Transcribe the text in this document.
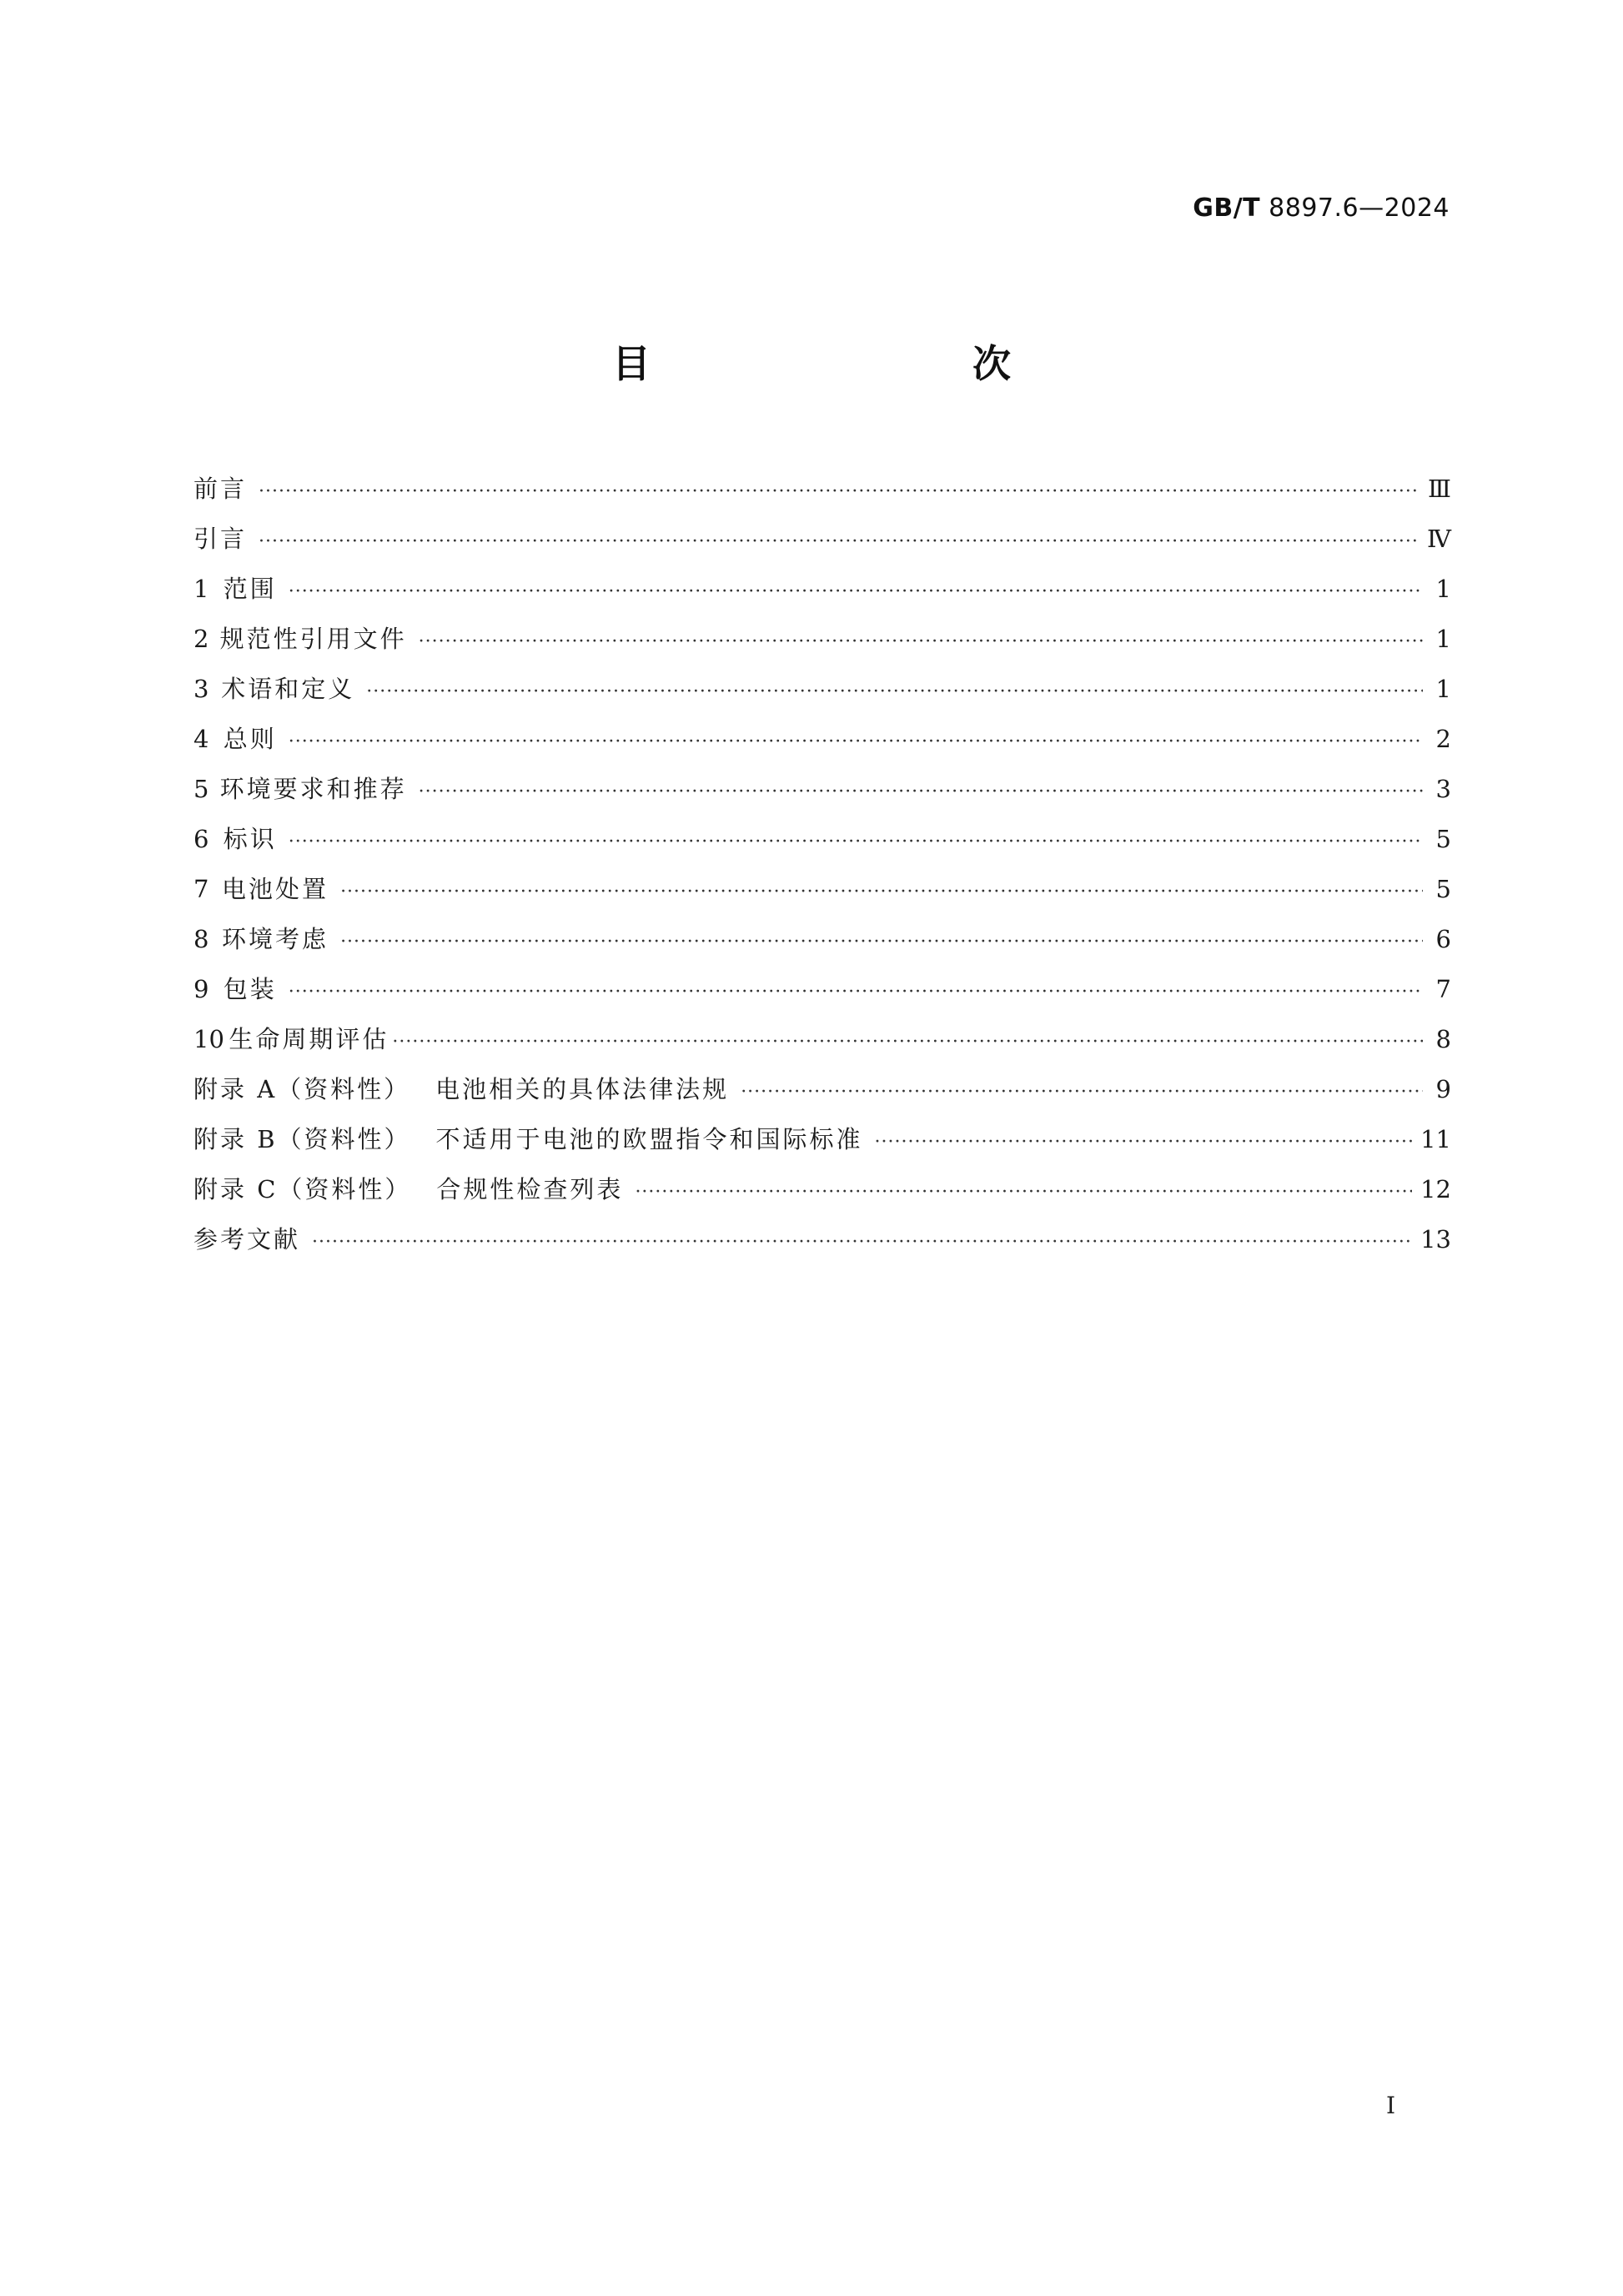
GB/T 8897.6—2024
目　　次
前言 ·····	Ⅲ
引言 ·····	Ⅳ
1 范围 ·····	1
2 规范性引用文件 ·····	1
3 术语和定义 ·····	1
4 总则 ·····	2
5 环境要求和推荐 ·····	3
6 标识 ·····	5
7 电池处置 ·····	5
8 环境考虑 ·····	6
9 包装 ·····	7
10 生命周期评估 ·····	8
附录 A（资料性） 电池相关的具体法律法规 ·····	9
附录 B（资料性） 不适用于电池的欧盟指令和国际标准 ·····	11
附录 C（资料性） 合规性检查列表 ·····	12
参考文献 ·····	13
I
